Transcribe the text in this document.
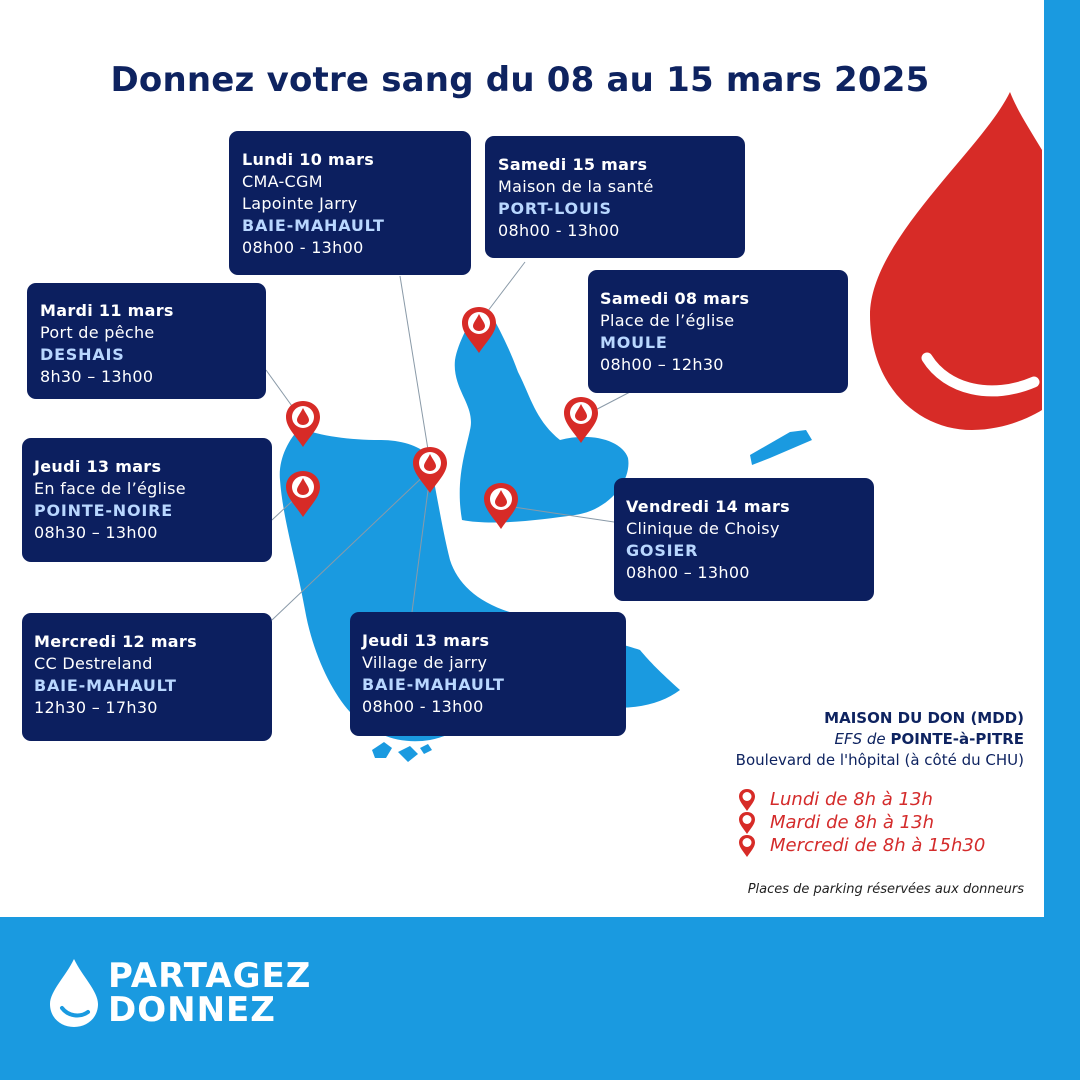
Donnez votre sang du 08 au 15 mars 2025
Lundi 10 mars
CMA-CGM
Lapointe Jarry
BAIE-MAHAULT
08h00 - 13h00
Samedi 15 mars
Maison de la santé
PORT-LOUIS
08h00 - 13h00
Mardi 11 mars
Port de pêche
DESHAIS
8h30 – 13h00
Samedi 08 mars
Place de l’église
MOULE
08h00 – 12h30
Jeudi 13 mars
En face de l’église
POINTE-NOIRE
08h30 – 13h00
Vendredi 14 mars
Clinique de Choisy
GOSIER
08h00 – 13h00
Mercredi 12 mars
CC Destreland
BAIE-MAHAULT
12h30 – 17h30
Jeudi 13 mars
Village de jarry
BAIE-MAHAULT
08h00 - 13h00
MAISON DU DON (MDD)
EFS de POINTE-à-PITRE
Boulevard de l'hôpital (à côté du CHU)
Lundi de 8h à 13h
Mardi de 8h à 13h
Mercredi de 8h à 15h30
Places de parking réservées aux donneurs
PARTAGEZ
DONNEZ
